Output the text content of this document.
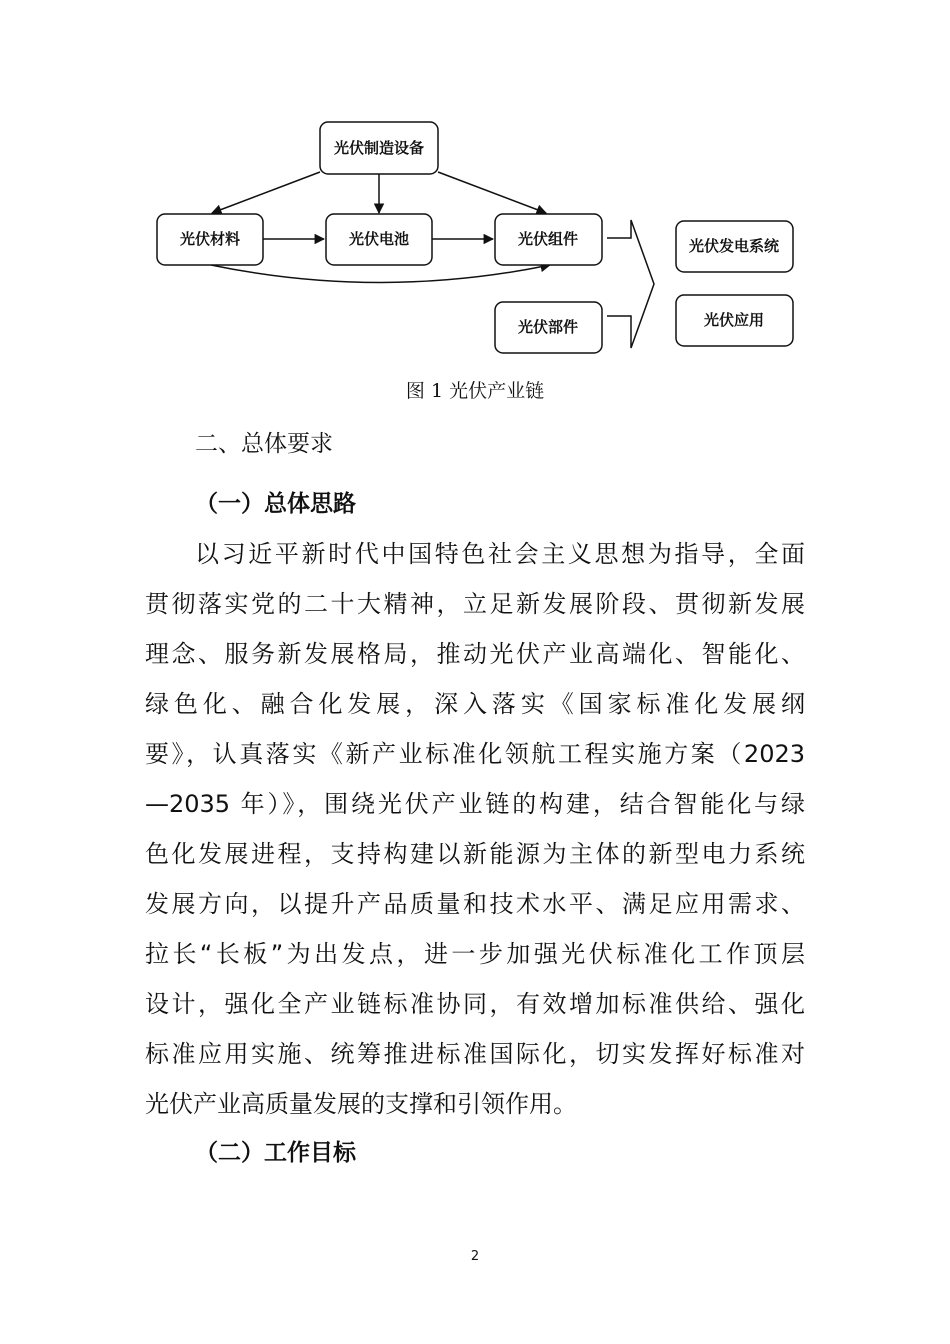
光伏制造设备
光伏材料	光伏电池	光伏组件
光伏部件
光伏发电系统
光伏应用
图 1 光伏产业链
二、总体要求
（一）总体思路
以习近平新时代中国特色社会主义思想为指导，全面
贯彻落实党的二十大精神，立足新发展阶段、贯彻新发展
理念、服务新发展格局，推动光伏产业高端化、智能化、
绿色化、融合化发展，深入落实《国家标准化发展纲
要》，认真落实《新产业标准化领航工程实施方案（2023
—2035 年）》，围绕光伏产业链的构建，结合智能化与绿
色化发展进程，支持构建以新能源为主体的新型电力系统
发展方向，以提升产品质量和技术水平、满足应用需求、
拉长“长板”为出发点，进一步加强光伏标准化工作顶层
设计，强化全产业链标准协同，有效增加标准供给、强化
标准应用实施、统筹推进标准国际化，切实发挥好标准对
光伏产业高质量发展的支撑和引领作用。
（二）工作目标
2
